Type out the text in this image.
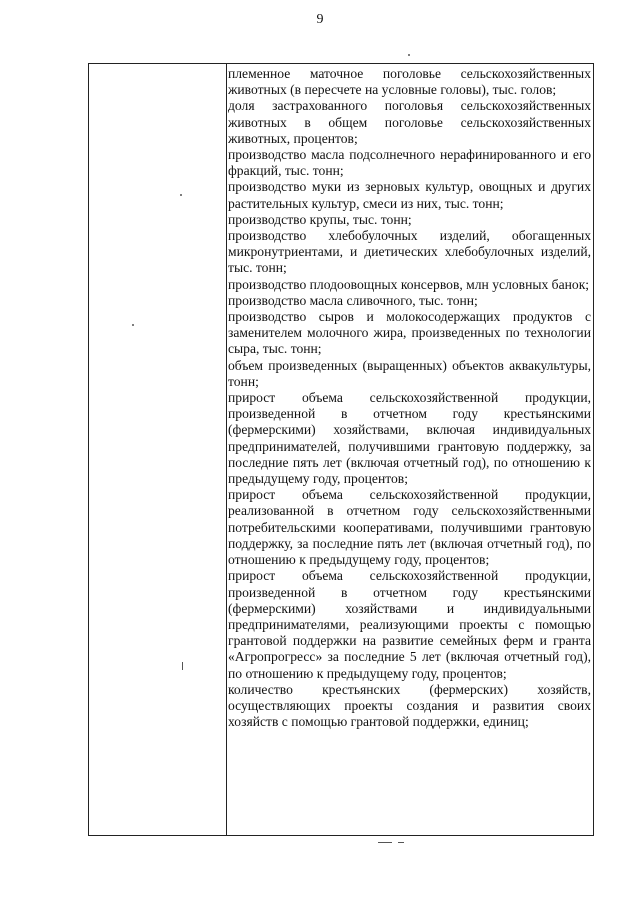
9

племенное маточное поголовье сельскохозяйственных животных (в пересчете на условные головы), тыс. голов;

доля застрахованного поголовья сельскохозяйственных животных в общем поголовье сельскохозяйственных животных, процентов;

производство масла подсолнечного нерафинированного и его фракций, тыс. тонн;

производство муки из зерновых культур, овощных и других растительных культур, смеси из них, тыс. тонн;

производство крупы, тыс. тонн;

производство хлебобулочных изделий, обогащенных микронутриентами, и диетических хлебобулочных изделий, тыс. тонн;

производство плодоовощных консервов, млн условных банок;

производство масла сливочного, тыс. тонн;

производство сыров и молокосодержащих продуктов с заменителем молочного жира, произведенных по технологии сыра, тыс. тонн;

объем произведенных (выращенных) объектов аквакультуры, тонн;

прирост объема сельскохозяйственной продукции, произведенной в отчетном году крестьянскими (фермерскими) хозяйствами, включая индивидуальных предпринимателей, получившими грантовую поддержку, за последние пять лет (включая отчетный год), по отношению к предыдущему году, процентов;

прирост объема сельскохозяйственной продукции, реализованной в отчетном году сельскохозяйственными потребительскими кооперативами, получившими грантовую поддержку, за последние пять лет (включая отчетный год), по отношению к предыдущему году, процентов;

прирост объема сельскохозяйственной продукции, произведенной в отчетном году крестьянскими (фермерскими) хозяйствами и индивидуальными предпринимателями, реализующими проекты с помощью грантовой поддержки на развитие семейных ферм и гранта «Агропрогресс» за последние 5 лет (включая отчетный год), по отношению к предыдущему году, процентов;

количество крестьянских (фермерских) хозяйств, осуществляющих проекты создания и развития своих хозяйств с помощью грантовой поддержки, единиц;
